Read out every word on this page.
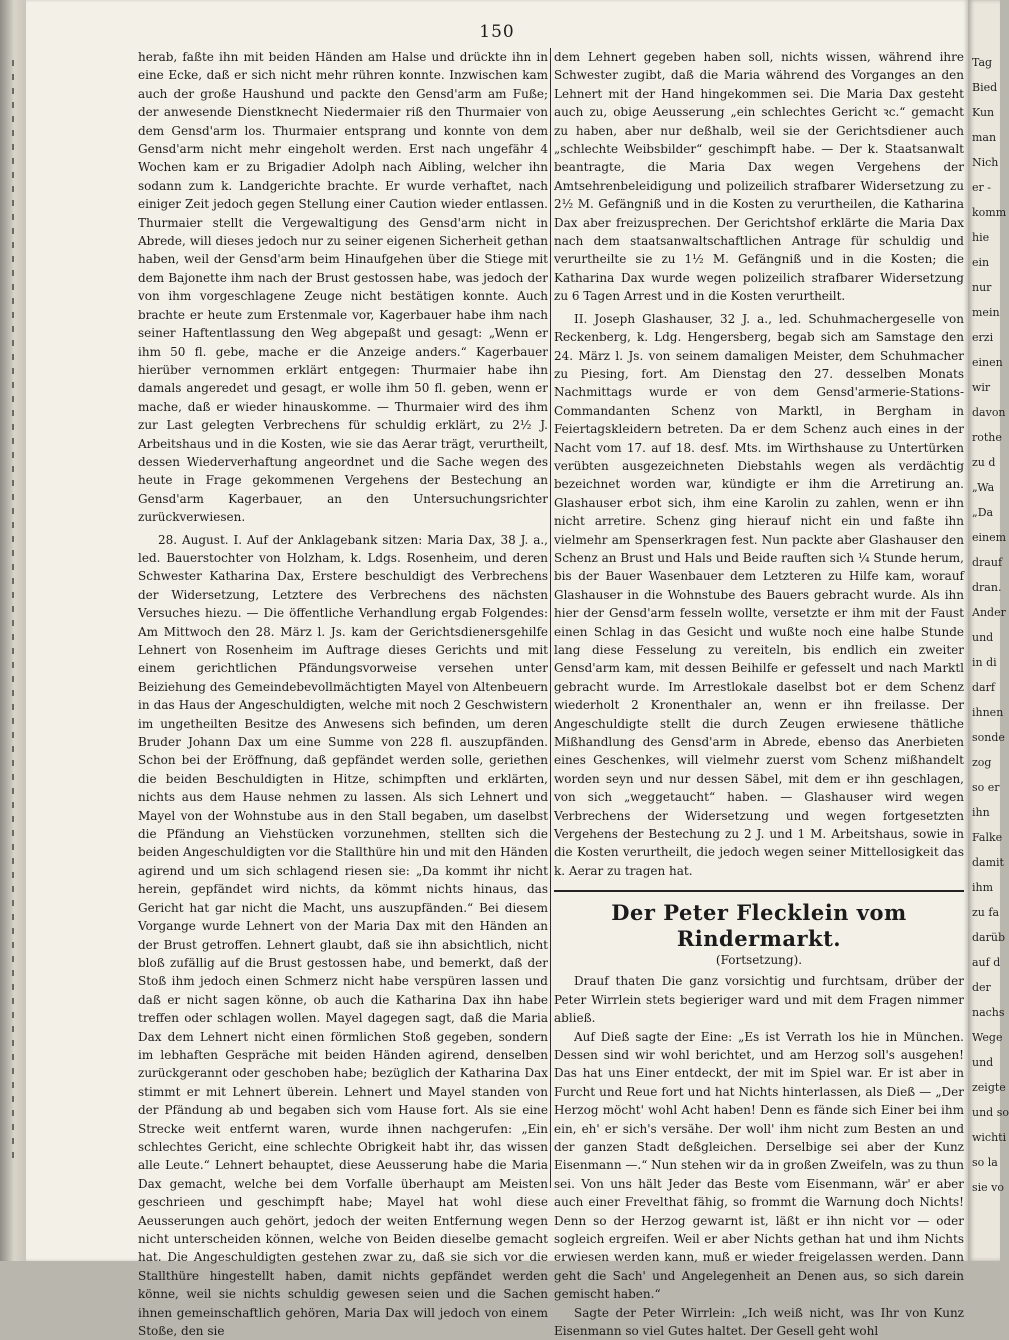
150

herab, faßte ihn mit beiden Händen am Halse und drückte ihn in eine Ecke, daß er sich nicht mehr rühren konnte. Inzwischen kam auch der große Haushund und packte den Gensd'arm am Fuße; der anwesende Dienstknecht Niedermaier riß den Thurmaier von dem Gensd'arm los. Thurmaier entsprang und konnte von dem Gensd'arm nicht mehr eingeholt werden. Erst nach ungefähr 4 Wochen kam er zu Brigadier Adolph nach Aibling, welcher ihn sodann zum k. Landgerichte brachte. Er wurde verhaftet, nach einiger Zeit jedoch gegen Stellung einer Caution wieder entlassen. Thurmaier stellt die Vergewaltigung des Gensd'arm nicht in Abrede, will dieses jedoch nur zu seiner eigenen Sicherheit gethan haben, weil der Gensd'arm beim Hinaufgehen über die Stiege mit dem Bajonette ihm nach der Brust gestossen habe, was jedoch der von ihm vorgeschlagene Zeuge nicht bestätigen konnte. Auch brachte er heute zum Erstenmale vor, Kagerbauer habe ihm nach seiner Haftentlassung den Weg abgepaßt und gesagt: „Wenn er ihm 50 fl. gebe, mache er die Anzeige anders.“ Kagerbauer hierüber vernommen erklärt entgegen: Thurmaier habe ihn damals angeredet und gesagt, er wolle ihm 50 fl. geben, wenn er mache, daß er wieder hinauskomme. — Thurmaier wird des ihm zur Last gelegten Verbrechens für schuldig erklärt, zu 2½ J. Arbeitshaus und in die Kosten, wie sie das Aerar trägt, verurtheilt, dessen Wiederverhaftung angeordnet und die Sache wegen des heute in Frage gekommenen Vergehens der Bestechung an Gensd'arm Kagerbauer, an den Untersuchungsrichter zurückverwiesen.

28. August. I. Auf der Anklagebank sitzen: Maria Dax, 38 J. a., led. Bauerstochter von Holzham, k. Ldgs. Rosenheim, und deren Schwester Katharina Dax, Erstere beschuldigt des Verbrechens der Widersetzung, Letztere des Verbrechens des nächsten Versuches hiezu. — Die öffentliche Verhandlung ergab Folgendes: Am Mittwoch den 28. März l. Js. kam der Gerichtsdienersgehilfe Lehnert von Rosenheim im Auftrage dieses Gerichts und mit einem gerichtlichen Pfändungsvorweise versehen unter Beiziehung des Gemeindebevollmächtigten Mayel von Altenbeuern in das Haus der Angeschuldigten, welche mit noch 2 Geschwistern im ungetheilten Besitze des Anwesens sich befinden, um deren Bruder Johann Dax um eine Summe von 228 fl. auszupfänden. Schon bei der Eröffnung, daß gepfändet werden solle, geriethen die beiden Beschuldigten in Hitze, schimpften und erklärten, nichts aus dem Hause nehmen zu lassen. Als sich Lehnert und Mayel von der Wohnstube aus in den Stall begaben, um daselbst die Pfändung an Viehstücken vorzunehmen, stellten sich die beiden Angeschuldigten vor die Stallthüre hin und mit den Händen agirend und um sich schlagend riesen sie: „Da kommt ihr nicht herein, gepfändet wird nichts, da kömmt nichts hinaus, das Gericht hat gar nicht die Macht, uns auszupfänden.“ Bei diesem Vorgange wurde Lehnert von der Maria Dax mit den Händen an der Brust getroffen. Lehnert glaubt, daß sie ihn absichtlich, nicht bloß zufällig auf die Brust gestossen habe, und bemerkt, daß der Stoß ihm jedoch einen Schmerz nicht habe verspüren lassen und daß er nicht sagen könne, ob auch die Katharina Dax ihn habe treffen oder schlagen wollen. Mayel dagegen sagt, daß die Maria Dax dem Lehnert nicht einen förmlichen Stoß gegeben, sondern im lebhaften Gespräche mit beiden Händen agirend, denselben zurückgerannt oder geschoben habe; bezüglich der Katharina Dax stimmt er mit Lehnert überein. Lehnert und Mayel standen von der Pfändung ab und begaben sich vom Hause fort. Als sie eine Strecke weit entfernt waren, wurde ihnen nachgerufen: „Ein schlechtes Gericht, eine schlechte Obrigkeit habt ihr, das wissen alle Leute.“ Lehnert behauptet, diese Aeusserung habe die Maria Dax gemacht, welche bei dem Vorfalle überhaupt am Meisten geschrieen und geschimpft habe; Mayel hat wohl diese Aeusserungen auch gehört, jedoch der weiten Entfernung wegen nicht unterscheiden können, welche von Beiden dieselbe gemacht hat. Die Angeschuldigten gestehen zwar zu, daß sie sich vor die Stallthüre hingestellt haben, damit nichts gepfändet werden könne, weil sie nichts schuldig gewesen seien und die Sachen ihnen gemeinschaftlich gehören, Maria Dax will jedoch von einem Stoße, den sie

dem Lehnert gegeben haben soll, nichts wissen, während ihre Schwester zugibt, daß die Maria während des Vorganges an den Lehnert mit der Hand hingekommen sei. Die Maria Dax gesteht auch zu, obige Aeusserung „ein schlechtes Gericht ꝛc.“ gemacht zu haben, aber nur deßhalb, weil sie der Gerichtsdiener auch „schlechte Weibsbilder“ geschimpft habe. — Der k. Staatsanwalt beantragte, die Maria Dax wegen Vergehens der Amtsehrenbeleidigung und polizeilich strafbarer Widersetzung zu 2½ M. Gefängniß und in die Kosten zu verurtheilen, die Katharina Dax aber freizusprechen. Der Gerichtshof erklärte die Maria Dax nach dem staatsanwaltschaftlichen Antrage für schuldig und verurtheilte sie zu 1½ M. Gefängniß und in die Kosten; die Katharina Dax wurde wegen polizeilich strafbarer Widersetzung zu 6 Tagen Arrest und in die Kosten verurtheilt.

II. Joseph Glashauser, 32 J. a., led. Schuhmachergeselle von Reckenberg, k. Ldg. Hengersberg, begab sich am Samstage den 24. März l. Js. von seinem damaligen Meister, dem Schuhmacher zu Piesing, fort. Am Dienstag den 27. desselben Monats Nachmittags wurde er von dem Gensd'armerie-Stations-Commandanten Schenz von Marktl, in Bergham in Feiertagskleidern betreten. Da er dem Schenz auch eines in der Nacht vom 17. auf 18. desf. Mts. im Wirthshause zu Untertürken verübten ausgezeichneten Diebstahls wegen als verdächtig bezeichnet worden war, kündigte er ihm die Arretirung an. Glashauser erbot sich, ihm eine Karolin zu zahlen, wenn er ihn nicht arretire. Schenz ging hierauf nicht ein und faßte ihn vielmehr am Spenserkragen fest. Nun packte aber Glashauser den Schenz an Brust und Hals und Beide rauften sich ¼ Stunde herum, bis der Bauer Wasenbauer dem Letzteren zu Hilfe kam, worauf Glashauser in die Wohnstube des Bauers gebracht wurde. Als ihn hier der Gensd'arm fesseln wollte, versetzte er ihm mit der Faust einen Schlag in das Gesicht und wußte noch eine halbe Stunde lang diese Fesselung zu vereiteln, bis endlich ein zweiter Gensd'arm kam, mit dessen Beihilfe er gefesselt und nach Marktl gebracht wurde. Im Arrestlokale daselbst bot er dem Schenz wiederholt 2 Kronenthaler an, wenn er ihn freilasse. Der Angeschuldigte stellt die durch Zeugen erwiesene thätliche Mißhandlung des Gensd'arm in Abrede, ebenso das Anerbieten eines Geschenkes, will vielmehr zuerst vom Schenz mißhandelt worden seyn und nur dessen Säbel, mit dem er ihn geschlagen, von sich „weggetaucht“ haben. — Glashauser wird wegen Verbrechens der Widersetzung und wegen fortgesetzten Vergehens der Bestechung zu 2 J. und 1 M. Arbeitshaus, sowie in die Kosten verurtheilt, die jedoch wegen seiner Mittellosigkeit das k. Aerar zu tragen hat.

Der Peter Flecklein vom Rindermarkt.
(Fortsetzung).

Drauf thaten Die ganz vorsichtig und furchtsam, drüber der Peter Wirrlein stets begieriger ward und mit dem Fragen nimmer abließ.

Auf Dieß sagte der Eine: „Es ist Verrath los hie in München. Dessen sind wir wohl berichtet, und am Herzog soll's ausgehen! Das hat uns Einer entdeckt, der mit im Spiel war. Er ist aber in Furcht und Reue fort und hat Nichts hinterlassen, als Dieß — „Der Herzog möcht' wohl Acht haben! Denn es fände sich Einer bei ihm ein, eh' er sich's versähe. Der woll' ihm nicht zum Besten an und der ganzen Stadt deßgleichen. Derselbige sei aber der Kunz Eisenmann —.“ Nun stehen wir da in großen Zweifeln, was zu thun sei. Von uns hält Jeder das Beste vom Eisenmann, wär' er aber auch einer Frevelthat fähig, so frommt die Warnung doch Nichts! Denn so der Herzog gewarnt ist, läßt er ihn nicht vor — oder sogleich ergreifen. Weil er aber Nichts gethan hat und ihm Nichts erwiesen werden kann, muß er wieder freigelassen werden. Dann geht die Sach' und Angelegenheit an Denen aus, so sich darein gemischt haben.“

Sagte der Peter Wirrlein: „Ich weiß nicht, was Ihr von Kunz Eisenmann so viel Gutes haltet. Der Gesell geht wohl

Tag
Bied
Kun
man
Nich
er -
komm
hie
ein
nur
mein
erzi
einen
wir
davon
rothe
zu d
„Wa
„Da
einem
drauf
dran.
Ander
und
in di
darf
ihnen
sonde
zog
so er
ihn
Falke
damit
ihm
zu fa
darüb
auf d
der
nachs
Wege
und
zeigte
und so
wichti
so la
sie vo
